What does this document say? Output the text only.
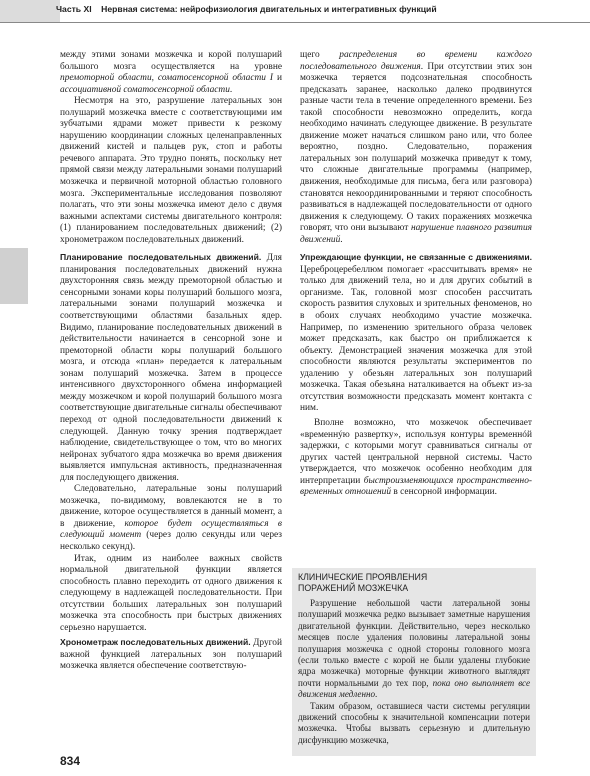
Часть XI Нервная система: нейрофизиология двигательных и интегративных функций

между этими зонами мозжечка и корой полушарий большого мозга осуществляется на уровне премоторной области, соматосенсорной области I и ассоциативной соматосенсорной области.

Несмотря на это, разрушение латеральных зон полушарий мозжечка вместе с соответствующими им зубчатыми ядрами может привести к резкому нарушению координации сложных целенаправленных движений кистей и пальцев рук, стоп и работы речевого аппарата. Это трудно понять, поскольку нет прямой связи между латеральными зонами полушарий мозжечка и первичной моторной областью головного мозга. Экспериментальные исследования позволяют полагать, что эти зоны мозжечка имеют дело с двумя важными аспектами системы двигательного контроля: (1) планированием последовательных движений; (2) хронометражом последовательных движений.

Планирование последовательных движений. Для планирования последовательных движений нужна двухсторонняя связь между премоторной областью и сенсорными зонами коры полушарий большого мозга, латеральными зонами полушарий мозжечка и соответствующими областями базальных ядер. Видимо, планирование последовательных движений в действительности начинается в сенсорной зоне и премоторной области коры полушарий большого мозга, и отсюда «план» передается к латеральным зонам полушарий мозжечка. Затем в процессе интенсивного двухсторонного обмена информацией между мозжечком и корой полушарий большого мозга соответствующие двигательные сигналы обеспечивают переход от одной последовательности движений к следующей. Данную точку зрения подтверждает наблюдение, свидетельствующее о том, что во многих нейронах зубчатого ядра мозжечка во время движения выявляется импульсная активность, предназначенная для последующего движения.

Следовательно, латеральные зоны полушарий мозжечка, по-видимому, вовлекаются не в то движение, которое осуществляется в данный момент, а в движение, которое будет осуществляться в следующий момент (через долю секунды или через несколько секунд).

Итак, одним из наиболее важных свойств нормальной двигательной функции является способность плавно переходить от одного движения к следующему в надлежащей последовательности. При отсутствии больших латеральных зон полушарий мозжечка эта способность при быстрых движениях серьезно нарушается.

Хронометраж последовательных движений. Другой важной функцией латеральных зон полушарий мозжечка является обеспечение соответствую-

щего распределения во времени каждого последовательного движения. При отсутствии этих зон мозжечка теряется подсознательная способность предсказать заранее, насколько далеко продвинутся разные части тела в течение определенного времени. Без такой способности невозможно определить, когда необходимо начинать следующее движение. В результате движение может начаться слишком рано или, что более вероятно, поздно. Следовательно, поражения латеральных зон полушарий мозжечка приведут к тому, что сложные двигательные программы (например, движения, необходимые для письма, бега или разговора) становятся некоординированными и теряют способность развиваться в надлежащей последовательности от одного движения к следующему. О таких поражениях мозжечка говорят, что они вызывают нарушение плавного развития движений.

Упреждающие функции, не связанные с движениями. Цереброцеребеллюм помогает «рассчитывать время» не только для движений тела, но и для других событий в организме. Так, головной мозг способен рассчитать скорость развития слуховых и зрительных феноменов, но в обоих случаях необходимо участие мозжечка. Например, по изменению зрительного образа человек может предсказать, как быстро он приближается к объекту. Демонстрацией значения мозжечка для этой способности являются результаты экспериментов по удалению у обезьян латеральных зон полушарий мозжечка. Такая обезьяна наталкивается на объект из-за отсутствия возможности предсказать момент контакта с ним.

Вполне возможно, что мозжечок обеспечивает «временнýю развертку», используя контуры временнóй задержки, с которыми могут сравниваться сигналы от других частей центральной нервной системы. Часто утверждается, что мозжечок особенно необходим для интерпретации быстроизменяющихся пространственно-временных отношений в сенсорной информации.

КЛИНИЧЕСКИЕ ПРОЯВЛЕНИЯ
ПОРАЖЕНИЙ МОЗЖЕЧКА

Разрушение небольшой части латеральной зоны полушарий мозжечка редко вызывает заметные нарушения двигательной функции. Действительно, через несколько месяцев после удаления половины латеральной зоны полушария мозжечка с одной стороны головного мозга (если только вместе с корой не были удалены глубокие ядра мозжечка) моторные функции животного выглядят почти нормальными до тех пор, пока оно выполняет все движения медленно.

Таким образом, оставшиеся части системы регуляции движений способны к значительной компенсации потери мозжечка. Чтобы вызвать серьезную и длительную дисфункцию мозжечка,

834
